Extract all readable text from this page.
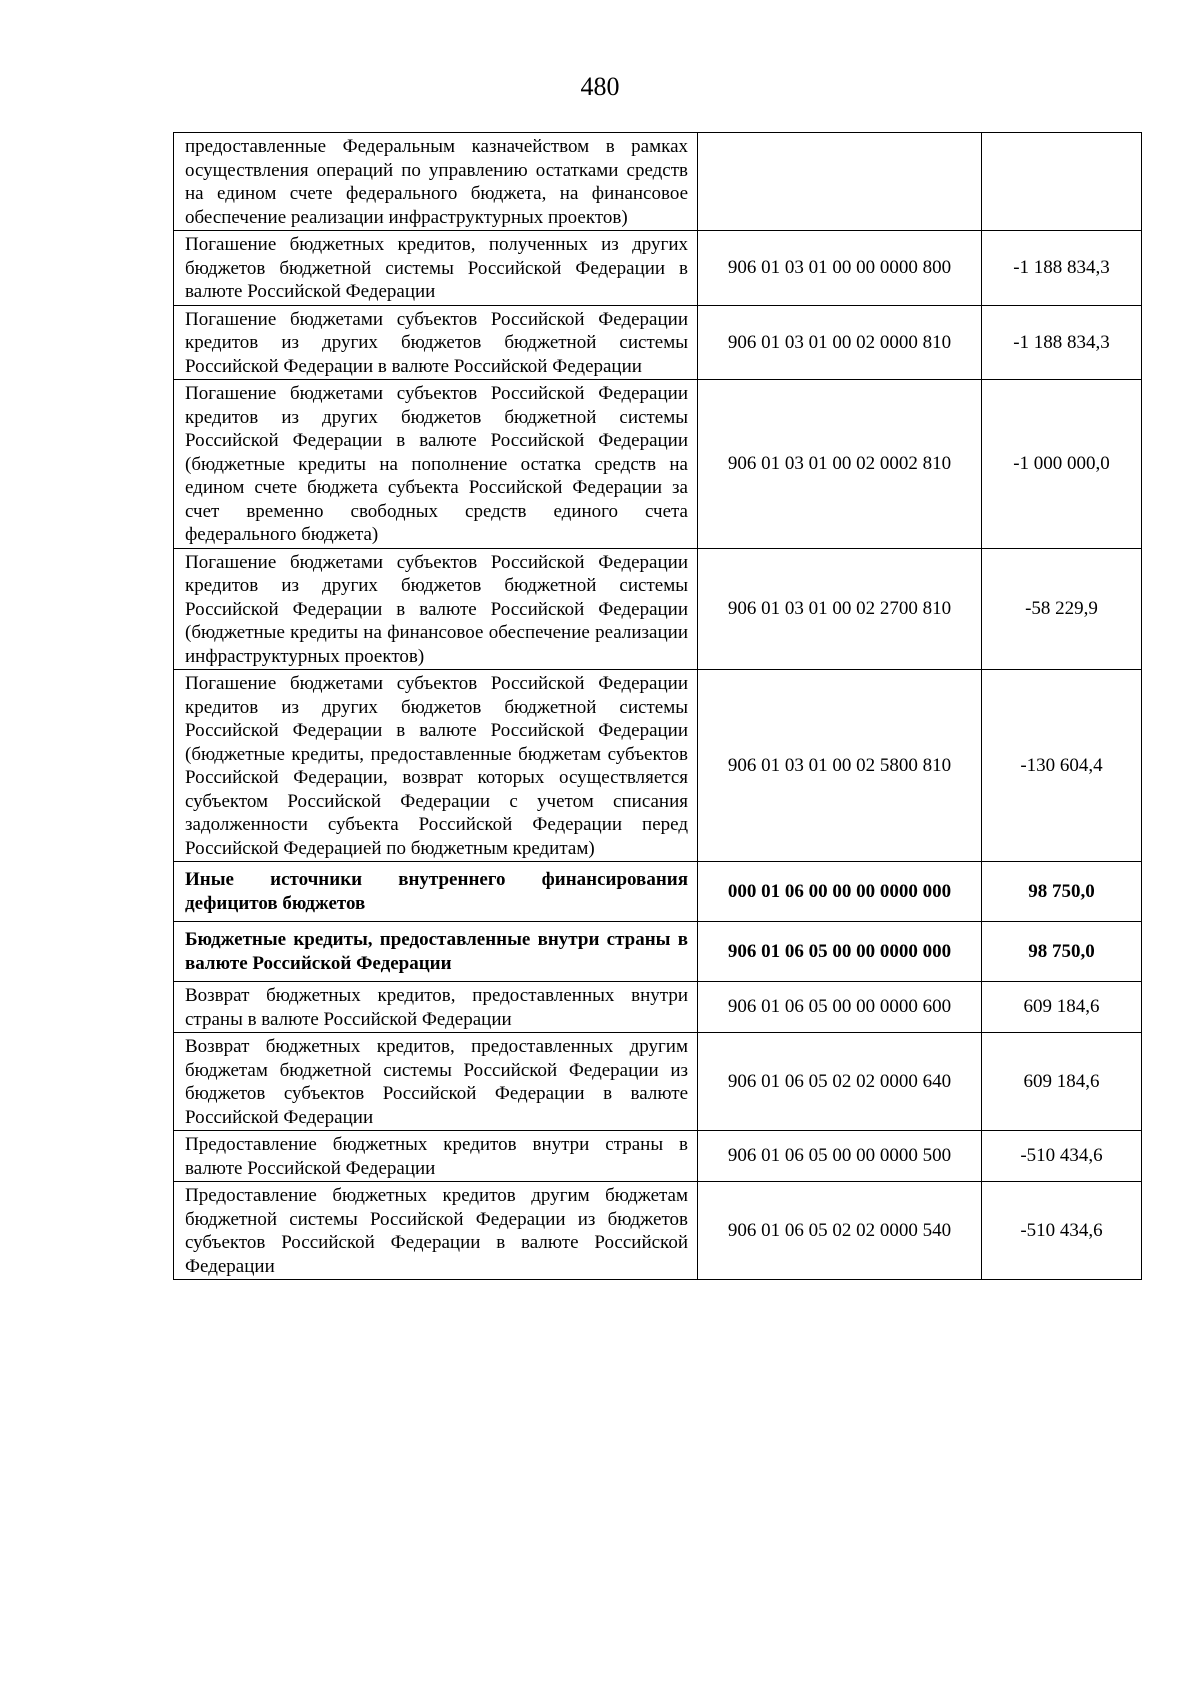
480
предоставленные Федеральным казначейством в рамках осуществления операций по управлению остатками средств на едином счете федерального бюджета, на финансовое обеспечение реализации инфраструктурных проектов)		
Погашение бюджетных кредитов, полученных из других бюджетов бюджетной системы Российской Федерации в валюте Российской Федерации	906 01 03 01 00 00 0000 800	-1 188 834,3
Погашение бюджетами субъектов Российской Федерации кредитов из других бюджетов бюджетной системы Российской Федерации в валюте Российской Федерации	906 01 03 01 00 02 0000 810	-1 188 834,3
Погашение бюджетами субъектов Российской Федерации кредитов из других бюджетов бюджетной системы Российской Федерации в валюте Российской Федерации (бюджетные кредиты на пополнение остатка средств на едином счете бюджета субъекта Российской Федерации за счет временно свободных средств единого счета федерального бюджета)	906 01 03 01 00 02 0002 810	-1 000 000,0
Погашение бюджетами субъектов Российской Федерации кредитов из других бюджетов бюджетной системы Российской Федерации в валюте Российской Федерации (бюджетные кредиты на финансовое обеспечение реализации инфраструктурных проектов)	906 01 03 01 00 02 2700 810	-58 229,9
Погашение бюджетами субъектов Российской Федерации кредитов из других бюджетов бюджетной системы Российской Федерации в валюте Российской Федерации (бюджетные кредиты, предоставленные бюджетам субъектов Российской Федерации, возврат которых осуществляется субъектом Российской Федерации с учетом списания задолженности субъекта Российской Федерации перед Российской Федерацией по бюджетным кредитам)	906 01 03 01 00 02 5800 810	-130 604,4
Иные источники внутреннего финансирования дефицитов бюджетов	000 01 06 00 00 00 0000 000	98 750,0
Бюджетные кредиты, предоставленные внутри страны в валюте Российской Федерации	906 01 06 05 00 00 0000 000	98 750,0
Возврат бюджетных кредитов, предоставленных внутри страны в валюте Российской Федерации	906 01 06 05 00 00 0000 600	609 184,6
Возврат бюджетных кредитов, предоставленных другим бюджетам бюджетной системы Российской Федерации из бюджетов субъектов Российской Федерации в валюте Российской Федерации	906 01 06 05 02 02 0000 640	609 184,6
Предоставление бюджетных кредитов внутри страны в валюте Российской Федерации	906 01 06 05 00 00 0000 500	-510 434,6
Предоставление бюджетных кредитов другим бюджетам бюджетной системы Российской Федерации из бюджетов субъектов Российской Федерации в валюте Российской Федерации	906 01 06 05 02 02 0000 540	-510 434,6
